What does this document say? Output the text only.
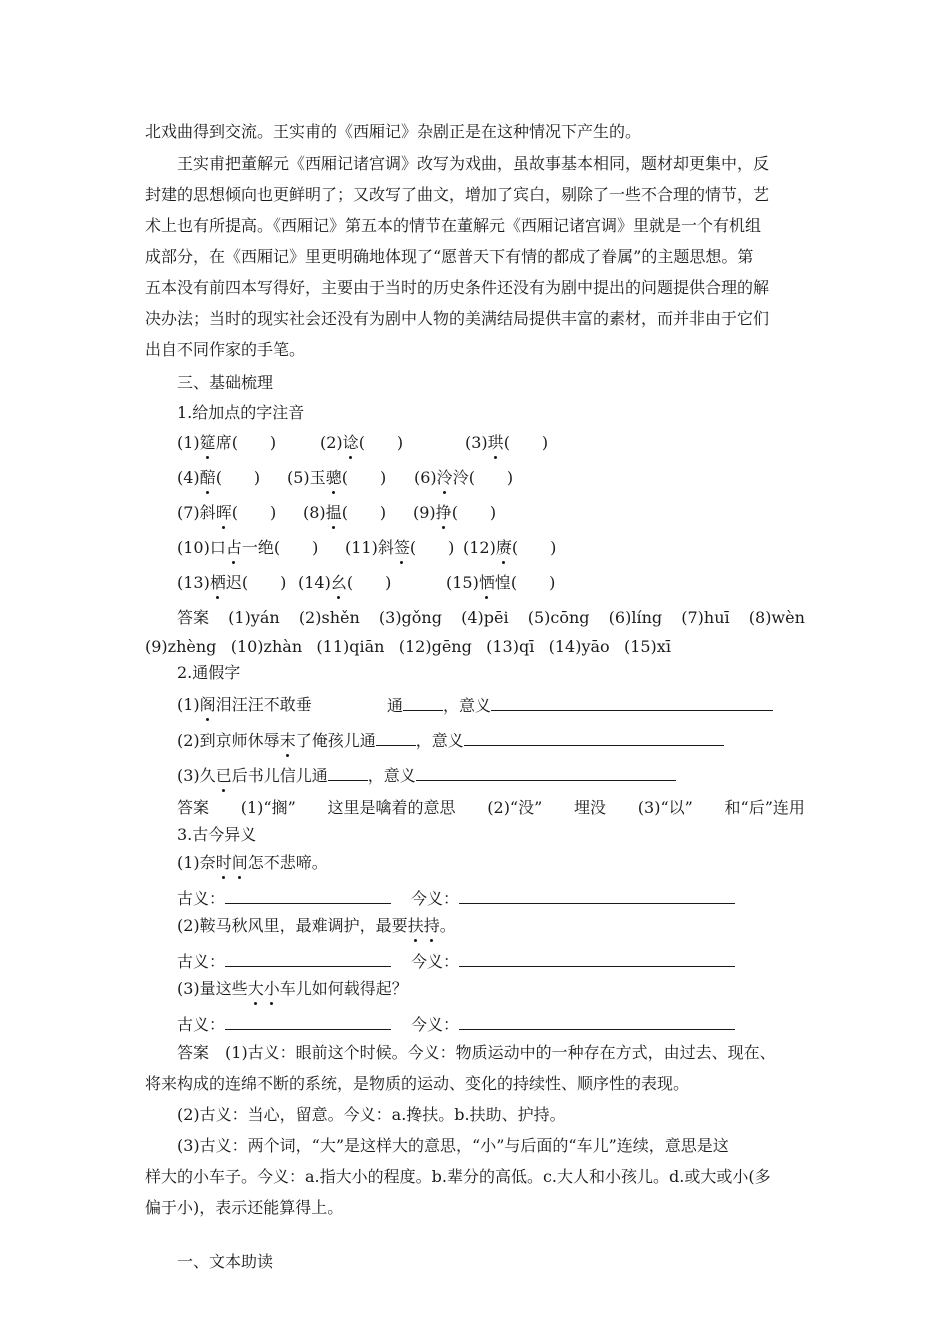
北戏曲得到交流。王实甫的《西厢记》杂剧正是在这种情况下产生的。
王实甫把董解元《西厢记诸宫调》改写为戏曲，虽故事基本相同，题材却更集中，反
封建的思想倾向也更鲜明了；又改写了曲文，增加了宾白，剔除了一些不合理的情节，艺
术上也有所提高。《西厢记》第五本的情节在董解元《西厢记诸宫调》里就是一个有机组
成部分，在《西厢记》里更明确地体现了“愿普天下有情的都成了眷属”的主题思想。第
五本没有前四本写得好，主要由于当时的历史条件还没有为剧中提出的问题提供合理的解
决办法；当时的现实社会还没有为剧中人物的美满结局提供丰富的素材，而并非由于它们
出自不同作家的手笔。
三、基础梳理
1.给加点的字注音
(1)筵席(　　)	(2)谂(　　)	(3)珙(　　)
(4)醅(　　) (5)玉骢(　　) (6)泠泠(　　)
(7)斜晖(　　) (8)揾(　　) (9)挣(　　)
(10)口占一绝(　　) (11)斜签(　　) (12)赓(　　)
(13)栖迟(　　) (14)幺(　　)	(15)恓惶(　　)
答案 (1)yán (2)shěn (3)gǒng (4)pēi (5)cōng (6)líng (7)huī (8)wèn
(9)zhèng (10)zhàn (11)qiān (12)gēng (13)qī (14)yāo (15)xī
2.通假字
(1)阁泪汪汪不敢垂	通	，意义
(2)到京师休辱末了俺孩儿通	，意义
(3)久已后书儿信儿通	，意义
答案 (1)“搁” 这里是噙着的意思 (2)“没” 埋没 (3)“以” 和“后”连用
3.古今异义
(1)奈时间怎不悲啼。
古义：	今义：
(2)鞍马秋风里，最难调护，最要扶持。
古义：	今义：
(3)量这些大小车儿如何载得起？
古义：	今义：
答案 (1)古义：眼前这个时候。今义：物质运动中的一种存在方式，由过去、现在、
将来构成的连绵不断的系统，是物质的运动、变化的持续性、顺序性的表现。
(2)古义：当心，留意。今义：a.搀扶。b.扶助、护持。
(3)古义：两个词，“大”是这样大的意思，“小”与后面的“车儿”连续，意思是这
样大的小车子。今义：a.指大小的程度。b.辈分的高低。c.大人和小孩儿。d.或大或小(多
偏于小)，表示还能算得上。
一、文本助读
